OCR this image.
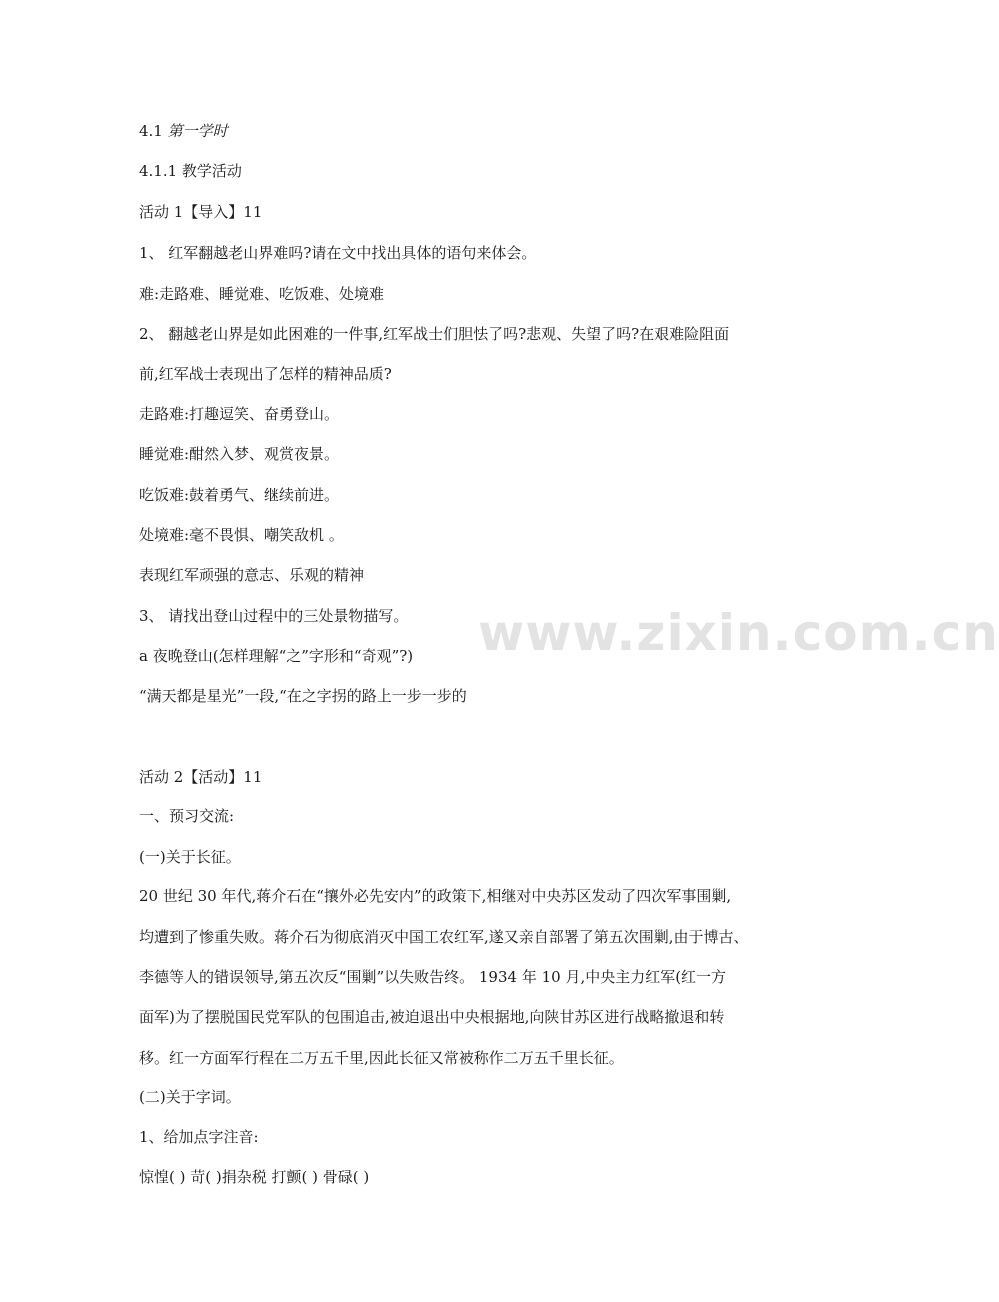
www.zixin.com.cn

4.1 第一学时

4.1.1 教学活动

活动 1【导入】11

1、 红军翻越老山界难吗?请在文中找出具体的语句来体会。

难:走路难、睡觉难、吃饭难、处境难

2、 翻越老山界是如此困难的一件事,红军战士们胆怯了吗?悲观、失望了吗?在艰难险阻面

前,红军战士表现出了怎样的精神品质?

走路难:打趣逗笑、奋勇登山。

睡觉难:酣然入梦、观赏夜景。

吃饭难:鼓着勇气、继续前进。

处境难:毫不畏惧、嘲笑敌机 。

表现红军顽强的意志、乐观的精神

3、 请找出登山过程中的三处景物描写。

a 夜晚登山(怎样理解“之”字形和“奇观”?)

“满天都是星光”一段,“在之字拐的路上一步一步的

活动 2【活动】11

一、预习交流:

(一)关于长征。

20 世纪 30 年代,蒋介石在“攘外必先安内”的政策下,相继对中央苏区发动了四次军事围剿,

均遭到了惨重失败。蒋介石为彻底消灭中国工农红军,遂又亲自部署了第五次围剿,由于博古、

李德等人的错误领导,第五次反“围剿”以失败告终。 1934 年 10 月,中央主力红军(红一方

面军)为了摆脱国民党军队的包围追击,被迫退出中央根据地,向陕甘苏区进行战略撤退和转

移。红一方面军行程在二万五千里,因此长征又常被称作二万五千里长征。

(二)关于字词。

1、给加点字注音:

惊惶( ) 苛( )捐杂税 打颤( ) 骨碌( )
